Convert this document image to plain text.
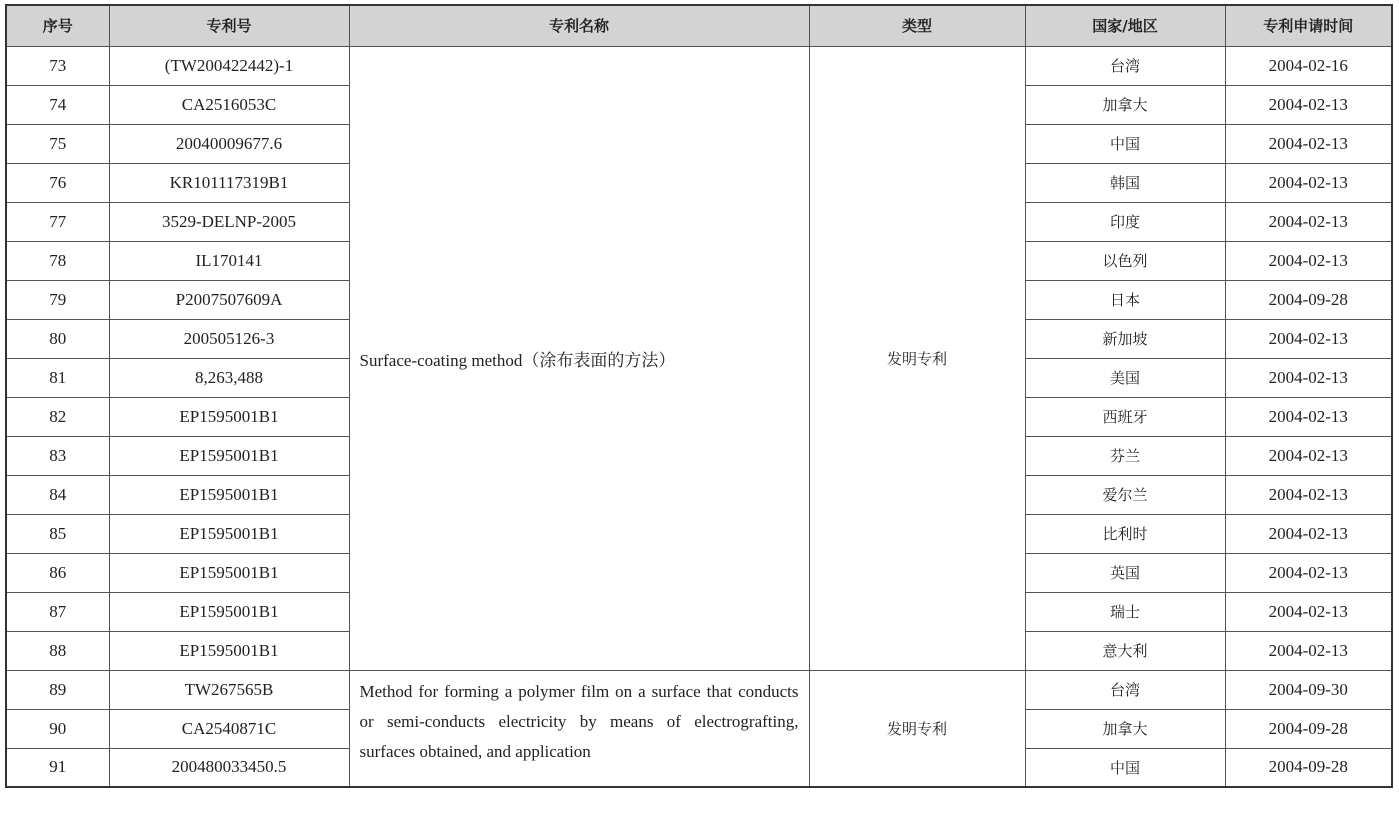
序号	专利号	专利名称	类型	国家/地区	专利申请时间
73	(TW200422442)-1	Surface-coating method（涂布表面的方法）	发明专利	台湾	2004-02-16
74	CA2516053C			加拿大	2004-02-13
75	20040009677.6			中国	2004-02-13
76	KR101117319B1			韩国	2004-02-13
77	3529-DELNP-2005			印度	2004-02-13
78	IL170141			以色列	2004-02-13
79	P2007507609A			日本	2004-09-28
80	200505126-3			新加坡	2004-02-13
81	8,263,488			美国	2004-02-13
82	EP1595001B1			西班牙	2004-02-13
83	EP1595001B1			芬兰	2004-02-13
84	EP1595001B1			爱尔兰	2004-02-13
85	EP1595001B1			比利时	2004-02-13
86	EP1595001B1			英国	2004-02-13
87	EP1595001B1			瑞士	2004-02-13
88	EP1595001B1			意大利	2004-02-13
89	TW267565B	Method for forming a polymer film on a surface that conducts or semi-conducts electricity by means of electrografting, surfaces obtained, and application	发明专利	台湾	2004-09-30
90	CA2540871C			加拿大	2004-09-28
91	200480033450.5			中国	2004-09-28
